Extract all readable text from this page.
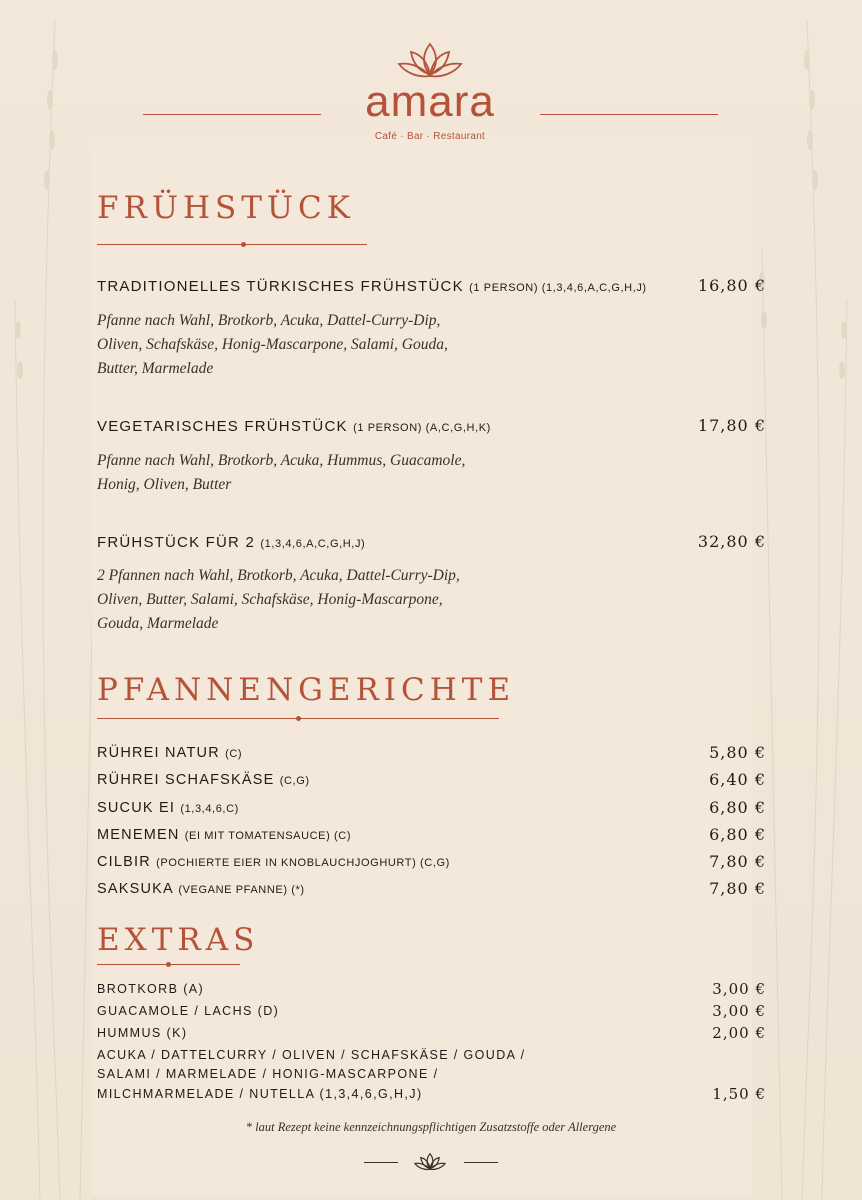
amara
Café · Bar · Restaurant
FRÜHSTÜCK
TRADITIONELLES TÜRKISCHES FRÜHSTÜCK (1 PERSON) (1,3,4,6,A,C,G,H,J)	16,80 €
Pfanne nach Wahl, Brotkorb, Acuka, Dattel-Curry-Dip,
Oliven, Schafskäse, Honig-Mascarpone, Salami, Gouda,
Butter, Marmelade
VEGETARISCHES FRÜHSTÜCK (1 PERSON) (A,C,G,H,K)	17,80 €
Pfanne nach Wahl, Brotkorb, Acuka, Hummus, Guacamole,
Honig, Oliven, Butter
FRÜHSTÜCK FÜR 2 (1,3,4,6,A,C,G,H,J)	32,80 €
2 Pfannen nach Wahl, Brotkorb, Acuka, Dattel-Curry-Dip,
Oliven, Butter, Salami, Schafskäse, Honig-Mascarpone,
Gouda, Marmelade
PFANNENGERICHTE
RÜHREI NATUR (C)	5,80 €
RÜHREI SCHAFSKÄSE (C,G)	6,40 €
SUCUK EI (1,3,4,6,C)	6,80 €
MENEMEN (EI MIT TOMATENSAUCE) (C)	6,80 €
CILBIR (POCHIERTE EIER IN KNOBLAUCHJOGHURT) (C,G)	7,80 €
SAKSUKA (VEGANE PFANNE) (*)	7,80 €
EXTRAS
BROTKORB (A)	3,00 €
GUACAMOLE / LACHS (D)	3,00 €
HUMMUS (K)	2,00 €
ACUKA / DATTELCURRY / OLIVEN / SCHAFSKÄSE / GOUDA /
SALAMI / MARMELADE / HONIG-MASCARPONE /
MILCHMARMELADE / NUTELLA (1,3,4,6,G,H,J)	1,50 €
* laut Rezept keine kennzeichnungspflichtigen Zusatzstoffe oder Allergene
